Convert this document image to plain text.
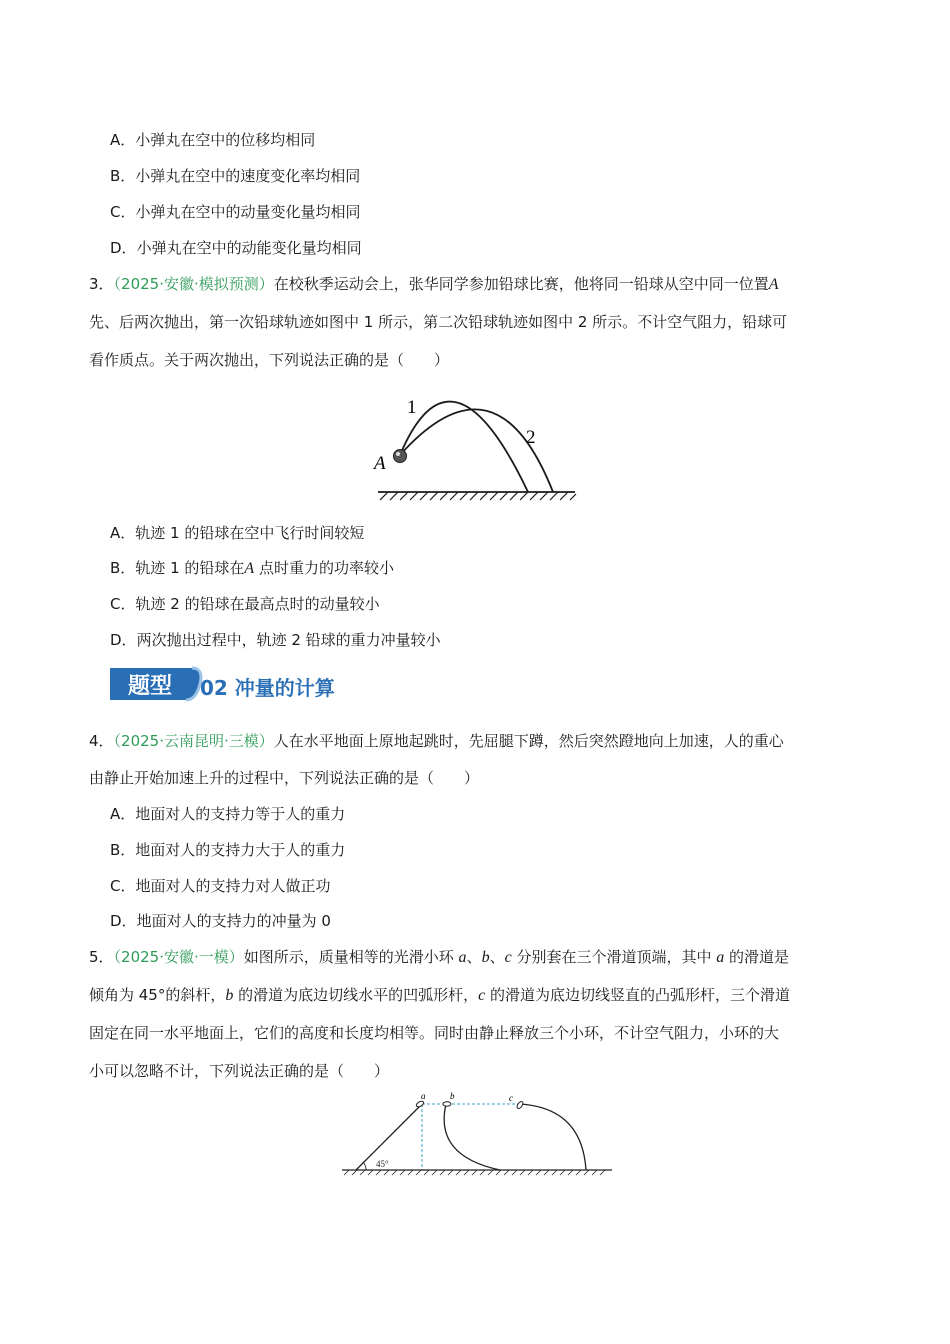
A．小弹丸在空中的位移均相同
B．小弹丸在空中的速度变化率均相同
C．小弹丸在空中的动量变化量均相同
D．小弹丸在空中的动能变化量均相同
3．（2025·安徽·模拟预测）在校秋季运动会上，张华同学参加铅球比赛，他将同一铅球从空中同一位置A
先、后两次抛出，第一次铅球轨迹如图中 1 所示，第二次铅球轨迹如图中 2 所示。不计空气阻力，铅球可
看作质点。关于两次抛出，下列说法正确的是（　　）
1
2
A
A．轨迹 1 的铅球在空中飞行时间较短
B．轨迹 1 的铅球在A 点时重力的功率较小
C．轨迹 2 的铅球在最高点时的动量较小
D．两次抛出过程中，轨迹 2 铅球的重力冲量较小
题型 02 冲量的计算
4．（2025·云南昆明·三模）人在水平地面上原地起跳时，先屈腿下蹲，然后突然蹬地向上加速，人的重心
由静止开始加速上升的过程中，下列说法正确的是（　　）
A．地面对人的支持力等于人的重力
B．地面对人的支持力大于人的重力
C．地面对人的支持力对人做正功
D．地面对人的支持力的冲量为 0
5．（2025·安徽·一模）如图所示，质量相等的光滑小环 a、b、c 分别套在三个滑道顶端，其中 a 的滑道是
倾角为 45°的斜杆，b 的滑道为底边切线水平的凹弧形杆，c 的滑道为底边切线竖直的凸弧形杆，三个滑道
固定在同一水平地面上，它们的高度和长度均相等。同时由静止释放三个小环，不计空气阻力，小环的大
小可以忽略不计，下列说法正确的是（　　）
45°
a	b	c
